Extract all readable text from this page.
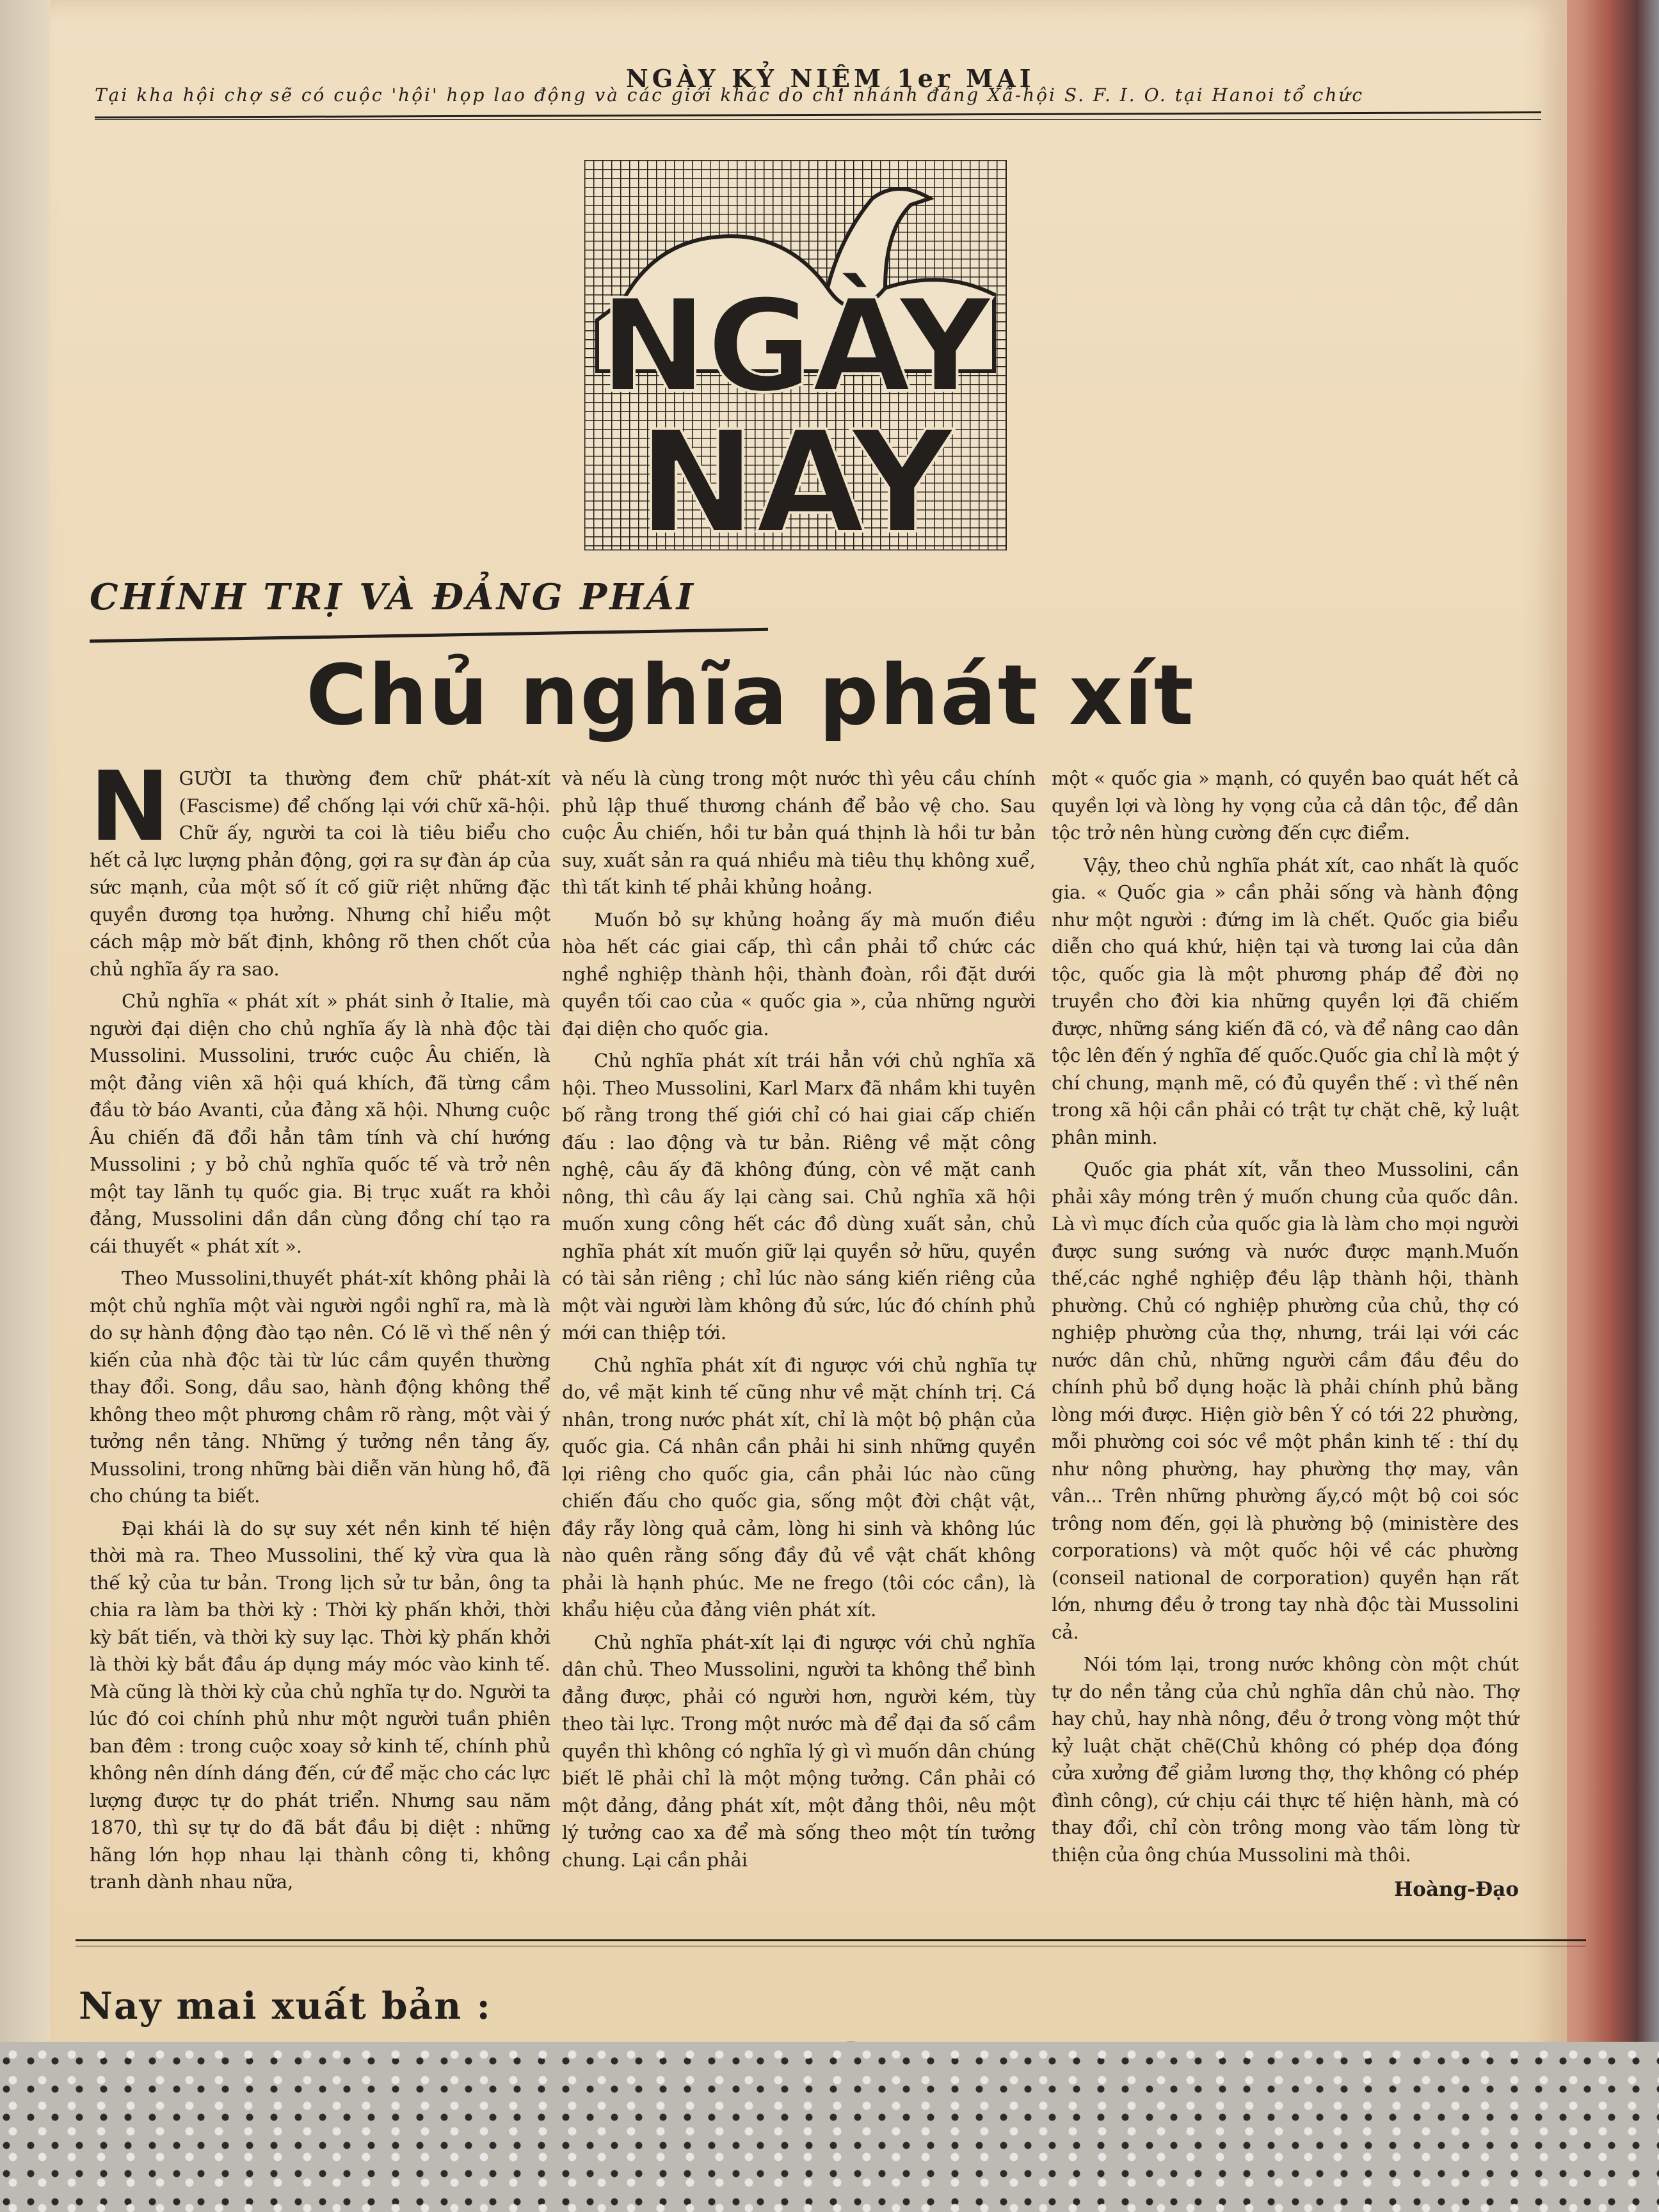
NGÀY KỶ NIỆM 1er MAI
Tại kha hội chợ sẽ có cuộc 'hội' họp lao động và các giới khác do chi nhánh đảng Xã-hội S. F. I. O. tại Hanoi tổ chức
NGÀY
NAY
CHÍNH TRỊ VÀ ĐẢNG PHÁI
Chủ nghĩa phát xít
N GƯỜI ta thường đem chữ phát-xít (Fascisme) để chống lại với chữ xã-hội. Chữ ấy, người ta coi là tiêu biểu cho hết cả lực lượng phản động, gợi ra sự đàn áp của sức mạnh, của một số ít cố giữ riệt những đặc quyền đương tọa hưởng. Nhưng chỉ hiểu một cách mập mờ bất định, không rõ then chốt của chủ nghĩa ấy ra sao.

Chủ nghĩa « phát xít » phát sinh ở Italie, mà người đại diện cho chủ nghĩa ấy là nhà độc tài Mussolini. Mussolini, trước cuộc Âu chiến, là một đảng viên xã hội quá khích, đã từng cầm đầu tờ báo Avanti, của đảng xã hội. Nhưng cuộc Âu chiến đã đổi hẳn tâm tính và chí hướng Mussolini ; y bỏ chủ nghĩa quốc tế và trở nên một tay lãnh tụ quốc gia. Bị trục xuất ra khỏi đảng, Mussolini dần dần cùng đồng chí tạo ra cái thuyết « phát xít ».

Theo Mussolini,thuyết phát-xít không phải là một chủ nghĩa một vài người ngồi nghĩ ra, mà là do sự hành động đào tạo nên. Có lẽ vì thế nên ý kiến của nhà độc tài từ lúc cầm quyền thường thay đổi. Song, dầu sao, hành động không thể không theo một phương châm rõ ràng, một vài ý tưởng nền tảng. Những ý tưởng nền tảng ấy, Mussolini, trong những bài diễn văn hùng hồ, đã cho chúng ta biết.

Đại khái là do sự suy xét nền kinh tế hiện thời mà ra. Theo Mussolini, thế kỷ vừa qua là thế kỷ của tư bản. Trong lịch sử tư bản, ông ta chia ra làm ba thời kỳ : Thời kỳ phấn khởi, thời kỳ bất tiến, và thời kỳ suy lạc. Thời kỳ phấn khởi là thời kỳ bắt đầu áp dụng máy móc vào kinh tế. Mà cũng là thời kỳ của chủ nghĩa tự do. Người ta lúc đó coi chính phủ như một người tuần phiên ban đêm : trong cuộc xoay sở kinh tế, chính phủ không nên dính dáng đến, cứ để mặc cho các lực lượng được tự do phát triển. Nhưng sau năm 1870, thì sự tự do đã bắt đầu bị diệt : những hãng lớn họp nhau lại thành công ti, không tranh dành nhau nữa,

và nếu là cùng trong một nước thì yêu cầu chính phủ lập thuế thương chánh để bảo vệ cho. Sau cuộc Âu chiến, hồi tư bản quá thịnh là hồi tư bản suy, xuất sản ra quá nhiều mà tiêu thụ không xuể, thì tất kinh tế phải khủng hoảng.

Muốn bỏ sự khủng hoảng ấy mà muốn điều hòa hết các giai cấp, thì cần phải tổ chức các nghề nghiệp thành hội, thành đoàn, rồi đặt dưới quyền tối cao của « quốc gia », của những người đại diện cho quốc gia.

Chủ nghĩa phát xít trái hẳn với chủ nghĩa xã hội. Theo Mussolini, Karl Marx đã nhầm khi tuyên bố rằng trong thế giới chỉ có hai giai cấp chiến đấu : lao động và tư bản. Riêng về mặt công nghệ, câu ấy đã không đúng, còn về mặt canh nông, thì câu ấy lại càng sai. Chủ nghĩa xã hội muốn xung công hết các đồ dùng xuất sản, chủ nghĩa phát xít muốn giữ lại quyền sở hữu, quyền có tài sản riêng ; chỉ lúc nào sáng kiến riêng của một vài người làm không đủ sức, lúc đó chính phủ mới can thiệp tới.

Chủ nghĩa phát xít đi ngược với chủ nghĩa tự do, về mặt kinh tế cũng như về mặt chính trị. Cá nhân, trong nước phát xít, chỉ là một bộ phận của quốc gia. Cá nhân cần phải hi sinh những quyền lợi riêng cho quốc gia, cần phải lúc nào cũng chiến đấu cho quốc gia, sống một đời chật vật, đầy rẫy lòng quả cảm, lòng hi sinh và không lúc nào quên rằng sống đầy đủ về vật chất không phải là hạnh phúc. Me ne frego (tôi cóc cần), là khẩu hiệu của đảng viên phát xít.

Chủ nghĩa phát-xít lại đi ngược với chủ nghĩa dân chủ. Theo Mussolini, người ta không thể bình đẳng được, phải có người hơn, người kém, tùy theo tài lực. Trong một nước mà để đại đa số cầm quyền thì không có nghĩa lý gì vì muốn dân chúng biết lẽ phải chỉ là một mộng tưởng. Cần phải có một đảng, đảng phát xít, một đảng thôi, nêu một lý tưởng cao xa để mà sống theo một tín tưởng chung. Lại cần phải

một « quốc gia » mạnh, có quyền bao quát hết cả quyền lợi và lòng hy vọng của cả dân tộc, để dân tộc trở nên hùng cường đến cực điểm.

Vậy, theo chủ nghĩa phát xít, cao nhất là quốc gia. « Quốc gia » cần phải sống và hành động như một người : đứng im là chết. Quốc gia biểu diễn cho quá khứ, hiện tại và tương lai của dân tộc, quốc gia là một phương pháp để đời nọ truyền cho đời kia những quyền lợi đã chiếm được, những sáng kiến đã có, và để nâng cao dân tộc lên đến ý nghĩa đế quốc.Quốc gia chỉ là một ý chí chung, mạnh mẽ, có đủ quyền thế : vì thế nên trong xã hội cần phải có trật tự chặt chẽ, kỷ luật phân minh.

Quốc gia phát xít, vẫn theo Mussolini, cần phải xây móng trên ý muốn chung của quốc dân. Là vì mục đích của quốc gia là làm cho mọi người được sung sướng và nước được mạnh.Muốn thế,các nghề nghiệp đều lập thành hội, thành phường. Chủ có nghiệp phường của chủ, thợ có nghiệp phường của thợ, nhưng, trái lại với các nước dân chủ, những người cầm đầu đều do chính phủ bổ dụng hoặc là phải chính phủ bằng lòng mới được. Hiện giờ bên Ý có tới 22 phường, mỗi phường coi sóc về một phần kinh tế : thí dụ như nông phường, hay phường thợ may, vân vân... Trên những phường ấy,có một bộ coi sóc trông nom đến, gọi là phường bộ (ministère des corporations) và một quốc hội về các phường (conseil national de corporation) quyền hạn rất lớn, nhưng đều ở trong tay nhà độc tài Mussolini cả.

Nói tóm lại, trong nước không còn một chút tự do nền tảng của chủ nghĩa dân chủ nào. Thợ hay chủ, hay nhà nông, đều ở trong vòng một thứ kỷ luật chặt chẽ(Chủ không có phép dọa đóng cửa xưởng để giảm lương thợ, thợ không có phép đình công), cứ chịu cái thực tế hiện hành, mà có thay đổi, chỉ còn trông mong vào tấm lòng từ thiện của ông chúa Mussolini mà thôi.

Hoàng-Đạo
Nay mai xuất bản :
